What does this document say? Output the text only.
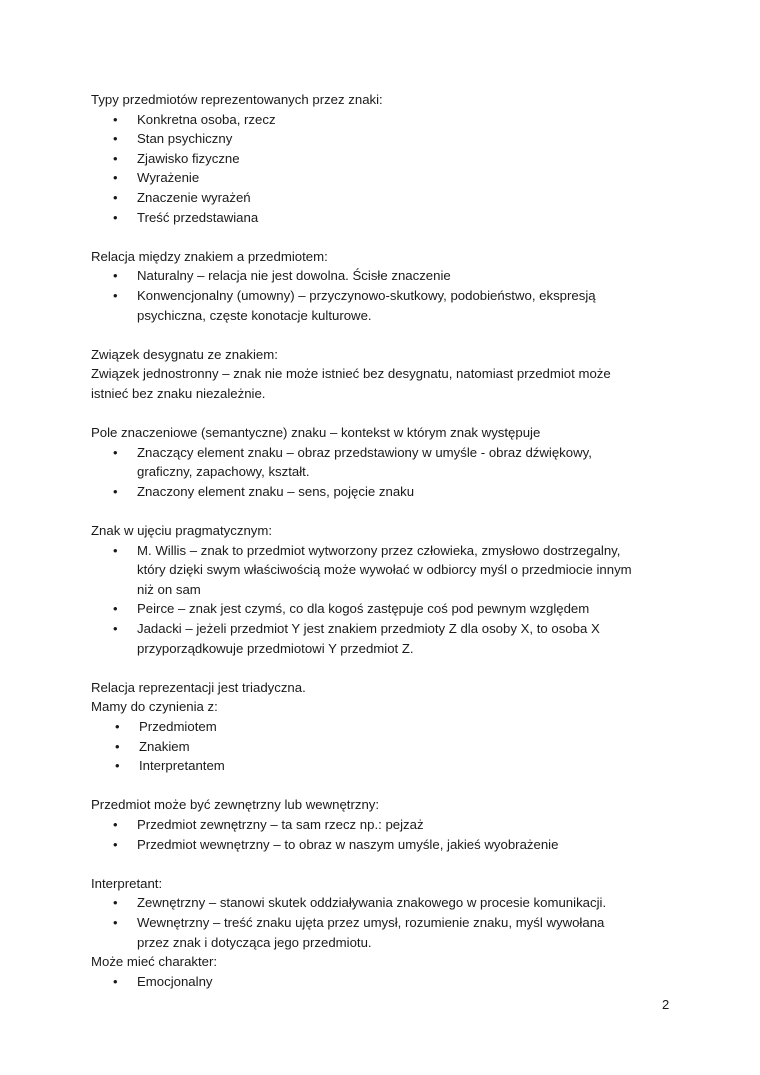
Typy przedmiotów reprezentowanych przez znaki:

• Konkretna osoba, rzecz
• Stan psychiczny
• Zjawisko fizyczne
• Wyrażenie
• Znaczenie wyrażeń
• Treść przedstawiana

Relacja między znakiem a przedmiotem:

• Naturalny – relacja nie jest dowolna. Ścisłe znaczenie
• Konwencjonalny (umowny) – przyczynowo-skutkowy, podobieństwo, ekspresją
psychiczna, częste konotacje kulturowe.

Związek desygnatu ze znakiem:

Związek jednostronny – znak nie może istnieć bez desygnatu, natomiast przedmiot może

istnieć bez znaku niezależnie.

Pole znaczeniowe (semantyczne) znaku – kontekst w którym znak występuje

• Znaczący element znaku – obraz przedstawiony w umyśle - obraz dźwiękowy,
graficzny, zapachowy, kształt.
• Znaczony element znaku – sens, pojęcie znaku

Znak w ujęciu pragmatycznym:

• M. Willis – znak to przedmiot wytworzony przez człowieka, zmysłowo dostrzegalny,
który dzięki swym właściwością może wywołać w odbiorcy myśl o przedmiocie innym
niż on sam
• Peirce – znak jest czymś, co dla kogoś zastępuje coś pod pewnym względem
• Jadacki – jeżeli przedmiot Y jest znakiem przedmioty Z dla osoby X, to osoba X
przyporządkowuje przedmiotowi Y przedmiot Z.

Relacja reprezentacji jest triadyczna.

Mamy do czynienia z:

• Przedmiotem
• Znakiem
• Interpretantem

Przedmiot może być zewnętrzny lub wewnętrzny:

• Przedmiot zewnętrzny – ta sam rzecz np.: pejzaż
• Przedmiot wewnętrzny – to obraz w naszym umyśle, jakieś wyobrażenie

Interpretant:

• Zewnętrzny – stanowi skutek oddziaływania znakowego w procesie komunikacji.
• Wewnętrzny – treść znaku ujęta przez umysł, rozumienie znaku, myśl wywołana
przez znak i dotycząca jego przedmiotu.

Może mieć charakter:

• Emocjonalny
2
